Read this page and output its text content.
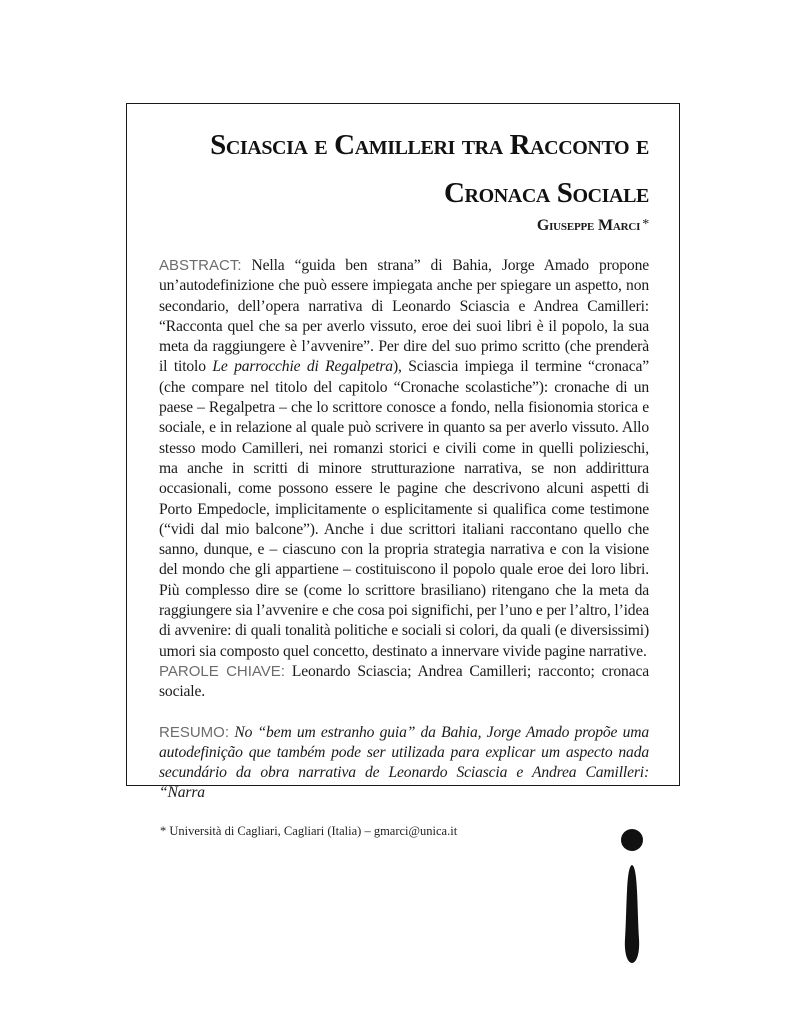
Sciascia e Camilleri tra Racconto e
Cronaca Sociale
Giuseppe Marci *

ABSTRACT: Nella “guida ben strana” di Bahia, Jorge Amado propone un’autodefinizione che può essere impiegata anche per spiegare un aspetto, non secondario, dell’opera narrativa di Leonardo Sciascia e Andrea Camilleri: “Racconta quel che sa per averlo vissuto, eroe dei suoi libri è il popolo, la sua meta da raggiungere è l’avvenire”. Per dire del suo primo scritto (che prenderà il titolo Le parrocchie di Regalpetra), Sciascia impiega il termine “cronaca” (che compare nel titolo del capitolo “Cronache scolastiche”): cronache di un paese – Regalpetra – che lo scrittore conosce a fondo, nella fisionomia storica e sociale, e in relazione al quale può scrivere in quanto sa per averlo vissuto. Allo stesso modo Camilleri, nei romanzi storici e civili come in quelli polizieschi, ma anche in scritti di minore strutturazione narrativa, se non addirittura occasionali, come possono essere le pagine che descrivono alcuni aspetti di Porto Empedocle, implicitamente o esplicitamente si qualifica come testimone (“vidi dal mio balcone”). Anche i due scrittori italiani raccontano quello che sanno, dunque, e – ciascuno con la propria strategia narrativa e con la visione del mondo che gli appartiene – costituiscono il popolo quale eroe dei loro libri. Più complesso dire se (come lo scrittore brasiliano) ritengano che la meta da raggiungere sia l’avvenire e che cosa poi significhi, per l’uno e per l’altro, l’idea di avvenire: di quali tonalità politiche e sociali si colori, da quali (e diversissimi) umori sia composto quel concetto, destinato a innervare vivide pagine narrative.

PAROLE CHIAVE: Leonardo Sciascia; Andrea Camilleri; racconto; cronaca sociale.

RESUMO: No “bem um estranho guia” da Bahia, Jorge Amado propõe uma autodefinição que também pode ser utilizada para explicar um aspecto nada secundário da obra narrativa de Leonardo Sciascia e Andrea Camilleri: “Narra

* Università di Cagliari, Cagliari (Italia) – gmarci@unica.it
